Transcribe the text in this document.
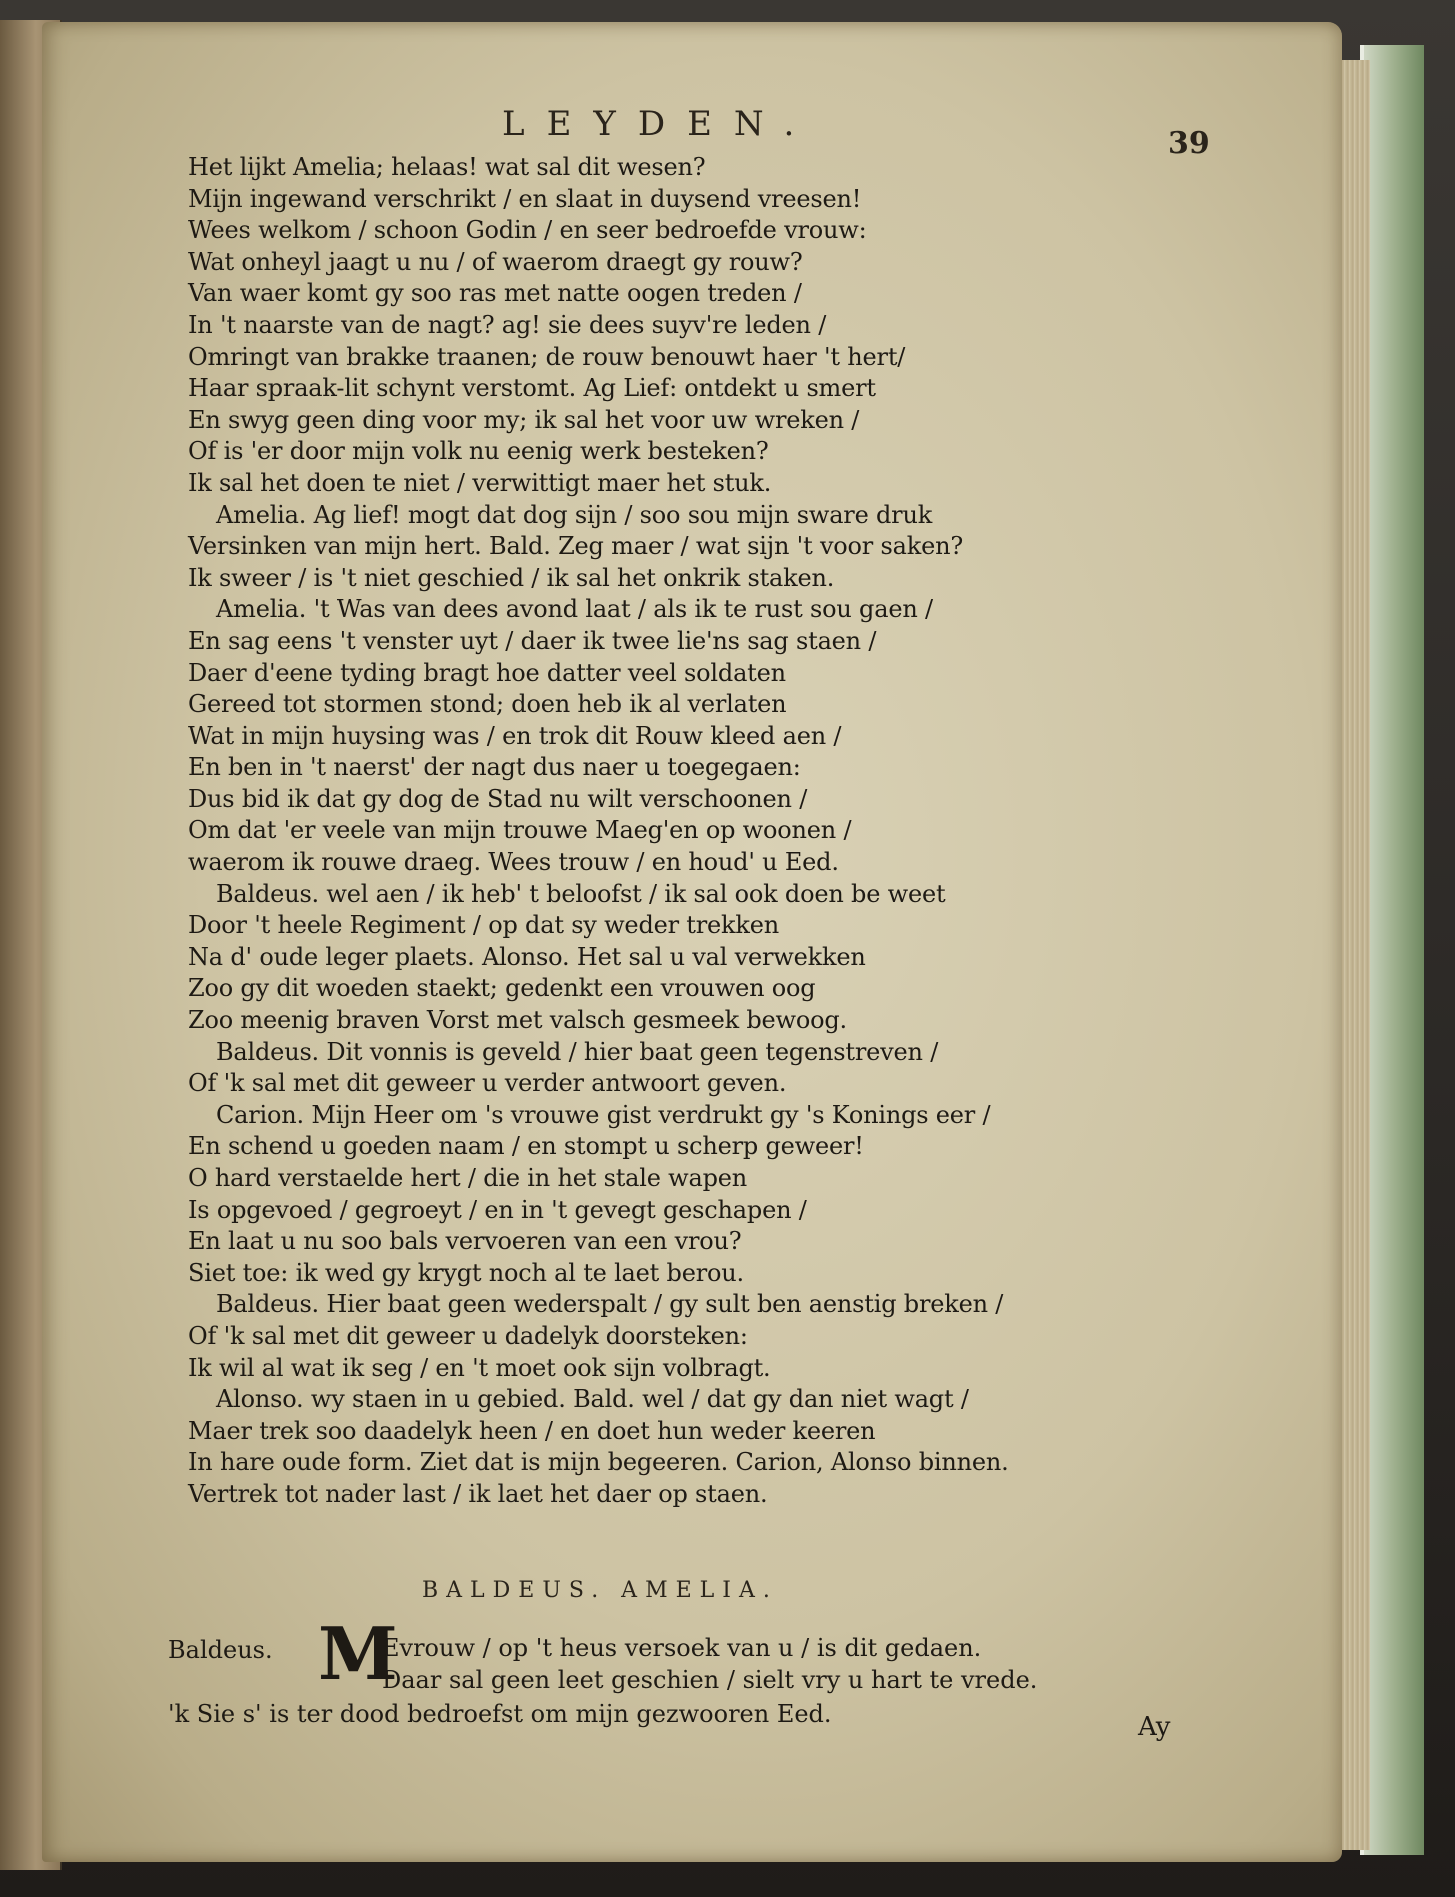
LEYDEN.	39
Het lijkt Amelia; helaas! wat sal dit wesen?
Mijn ingewand verschrikt / en slaat in duysend vreesen!
Wees welkom / schoon Godin / en seer bedroefde vrouw:
Wat onheyl jaagt u nu / of waerom draegt gy rouw?
Van waer komt gy soo ras met natte oogen treden /
In 't naarste van de nagt? ag! sie dees suyv're leden /
Omringt van brakke traanen; de rouw benouwt haer 't hert/
Haar spraak-lit schynt verstomt. Ag Lief: ontdekt u smert
En swyg geen ding voor my; ik sal het voor uw wreken /
Of is 'er door mijn volk nu eenig werk besteken?
Ik sal het doen te niet / verwittigt maer het stuk.
Amelia. Ag lief! mogt dat dog sijn / soo sou mijn sware druk
Versinken van mijn hert. Bald. Zeg maer / wat sijn 't voor saken?
Ik sweer / is 't niet geschied / ik sal het onkrik staken.
Amelia. 't Was van dees avond laat / als ik te rust sou gaen /
En sag eens 't venster uyt / daer ik twee lie'ns sag staen /
Daer d'eene tyding bragt hoe datter veel soldaten
Gereed tot stormen stond; doen heb ik al verlaten
Wat in mijn huysing was / en trok dit Rouw kleed aen /
En ben in 't naerst' der nagt dus naer u toegegaen:
Dus bid ik dat gy dog de Stad nu wilt verschoonen /
Om dat 'er veele van mijn trouwe Maeg'en op woonen /
waerom ik rouwe draeg. Wees trouw / en houd' u Eed.
Baldeus. wel aen / ik heb' t beloofst / ik sal ook doen be weet
Door 't heele Regiment / op dat sy weder trekken
Na d' oude leger plaets. Alonso. Het sal u val verwekken
Zoo gy dit woeden staekt; gedenkt een vrouwen oog
Zoo meenig braven Vorst met valsch gesmeek bewoog.
Baldeus. Dit vonnis is geveld / hier baat geen tegenstreven /
Of 'k sal met dit geweer u verder antwoort geven.
Carion. Mijn Heer om 's vrouwe gist verdrukt gy 's Konings eer /
En schend u goeden naam / en stompt u scherp geweer!
O hard verstaelde hert / die in het stale wapen
Is opgevoed / gegroeyt / en in 't gevegt geschapen /
En laat u nu soo bals vervoeren van een vrou?
Siet toe: ik wed gy krygt noch al te laet berou.
Baldeus. Hier baat geen wederspalt / gy sult ben aenstig breken /
Of 'k sal met dit geweer u dadelyk doorsteken:
Ik wil al wat ik seg / en 't moet ook sijn volbragt.
Alonso. wy staen in u gebied. Bald. wel / dat gy dan niet wagt /
Maer trek soo daadelyk heen / en doet hun weder keeren
In hare oude form. Ziet dat is mijn begeeren. Carion, Alonso binnen.
Vertrek tot nader last / ik laet het daer op staen.
BALDEUS. AMELIA.
Baldeus. M
Evrouw / op 't heus versoek van u / is dit gedaen.
Daar sal geen leet geschien / sielt vry u hart te vrede.
'k Sie s' is ter dood bedroefst om mijn gezwooren Eed.	Ay
